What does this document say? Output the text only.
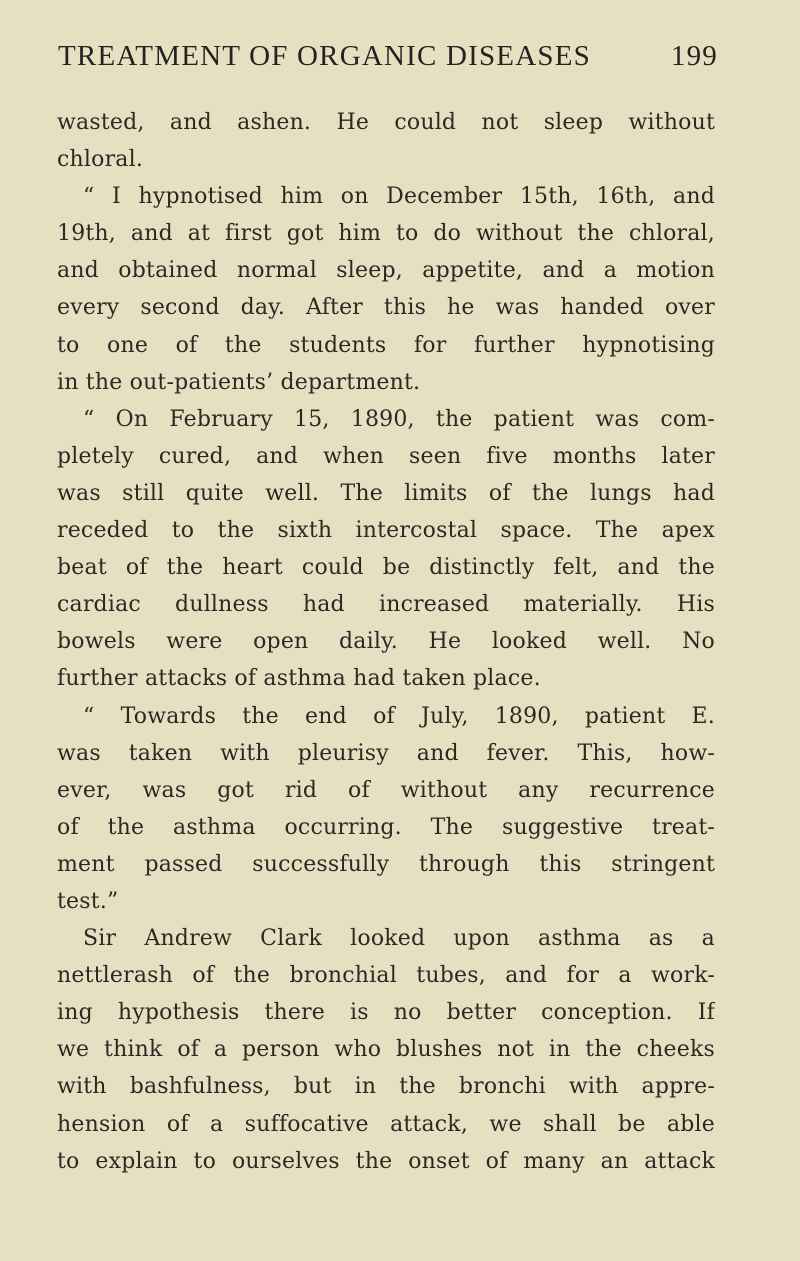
TREATMENT OF ORGANIC DISEASES	199
wasted, and ashen. He could not sleep without
chloral.
“ I hypnotised him on December 15th, 16th, and
19th, and at first got him to do without the chloral,
and obtained normal sleep, appetite, and a motion
every second day. After this he was handed over
to one of the students for further hypnotising
in the out-patients’ department.
“ On February 15, 1890, the patient was com-
pletely cured, and when seen five months later
was still quite well. The limits of the lungs had
receded to the sixth intercostal space. The apex
beat of the heart could be distinctly felt, and the
cardiac dullness had increased materially. His
bowels were open daily. He looked well. No
further attacks of asthma had taken place.
“ Towards the end of July, 1890, patient E.
was taken with pleurisy and fever. This, how-
ever, was got rid of without any recurrence
of the asthma occurring. The suggestive treat-
ment passed successfully through this stringent
test.”
Sir Andrew Clark looked upon asthma as a
nettlerash of the bronchial tubes, and for a work-
ing hypothesis there is no better conception. If
we think of a person who blushes not in the cheeks
with bashfulness, but in the bronchi with appre-
hension of a suffocative attack, we shall be able
to explain to ourselves the onset of many an attack
